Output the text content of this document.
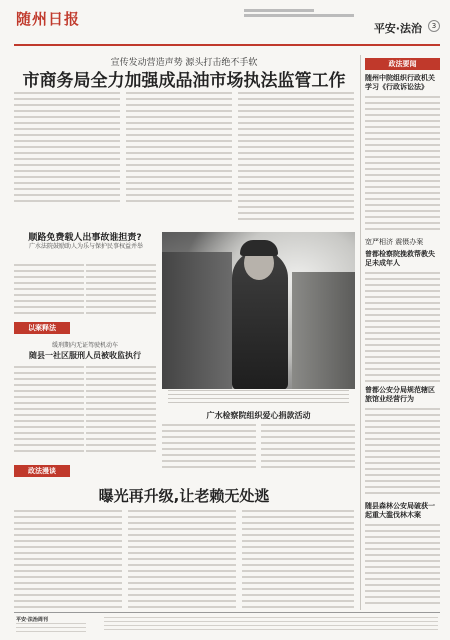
随州日报
平安·法治	3
宣传发动营造声势 源头打击绝不手软
市商务局全力加强成品油市场执法监管工作
政法要闻
随州中院组织行政机关学习《行政诉讼法》
宽严相济 震慑办案
曾都检察院挽救帮教失足未成年人
曾都公安分局规范辖区旅馆业经营行为
随县森林公安局破获一起重大滥伐林木案
顺路免费载人出事故谁担责?
广水法院鼓励助人为乐与保护民事权益并举
以案释法
缓刑期内无证驾驶机动车
随县一社区服刑人员被收监执行
广水检察院组织爱心捐款活动
政法漫谈
曝光再升级,让老赖无处逃
平安·法治周刊
